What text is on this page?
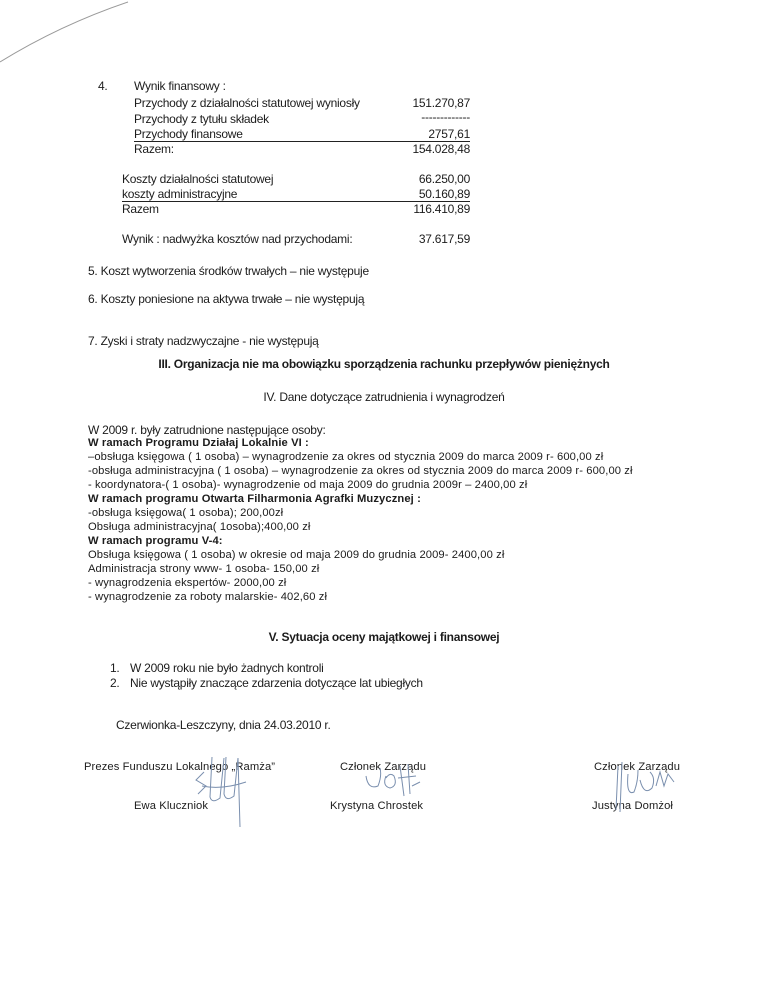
4. Wynik finansowy :
Przychody z działalności statutowej wyniosły	151.270,87
Przychody z tytułu składek	-------------
Przychody finansowe	2757,61
Razem:	154.028,48
Koszty działalności statutowej	66.250,00
koszty administracyjne	50.160,89
Razem	116.410,89
Wynik : nadwyżka kosztów nad przychodami:	37.617,59
5. Koszt wytworzenia środków trwałych – nie występuje
6. Koszty poniesione na aktywa trwałe – nie występują
7. Zyski i straty nadzwyczajne - nie występują
III. Organizacja nie ma obowiązku sporządzenia rachunku przepływów pieniężnych
IV. Dane dotyczące zatrudnienia i wynagrodzeń
W 2009 r. były zatrudnione następujące osoby:
W ramach Programu Działaj Lokalnie VI :
–obsługa księgowa ( 1 osoba) – wynagrodzenie za okres od stycznia 2009 do marca 2009 r- 600,00 zł
-obsługa administracyjna ( 1 osoba) – wynagrodzenie za okres od stycznia 2009 do marca 2009 r- 600,00 zł
- koordynatora-( 1 osoba)- wynagrodzenie od maja 2009 do grudnia 2009r – 2400,00 zł
W ramach programu Otwarta Filharmonia Agrafki Muzycznej :
-obsługa księgowa( 1 osoba); 200,00zł
Obsługa administracyjna( 1osoba);400,00 zł
W ramach programu V-4:
Obsługa księgowa ( 1 osoba) w okresie od maja 2009 do grudnia 2009- 2400,00 zł
Administracja strony www- 1 osoba- 150,00 zł
- wynagrodzenia ekspertów- 2000,00 zł
- wynagrodzenie za roboty malarskie- 402,60 zł
V. Sytuacja oceny majątkowej i finansowej
1. W 2009 roku nie było żadnych kontroli
2. Nie wystąpiły znaczące zdarzenia dotyczące lat ubiegłych
Czerwionka-Leszczyny, dnia 24.03.2010 r.
Prezes Funduszu Lokalnego „Ramża”
Ewa Kluczniok
Członek Zarządu
Krystyna Chrostek
Członek Zarządu
Justyna Domżoł
